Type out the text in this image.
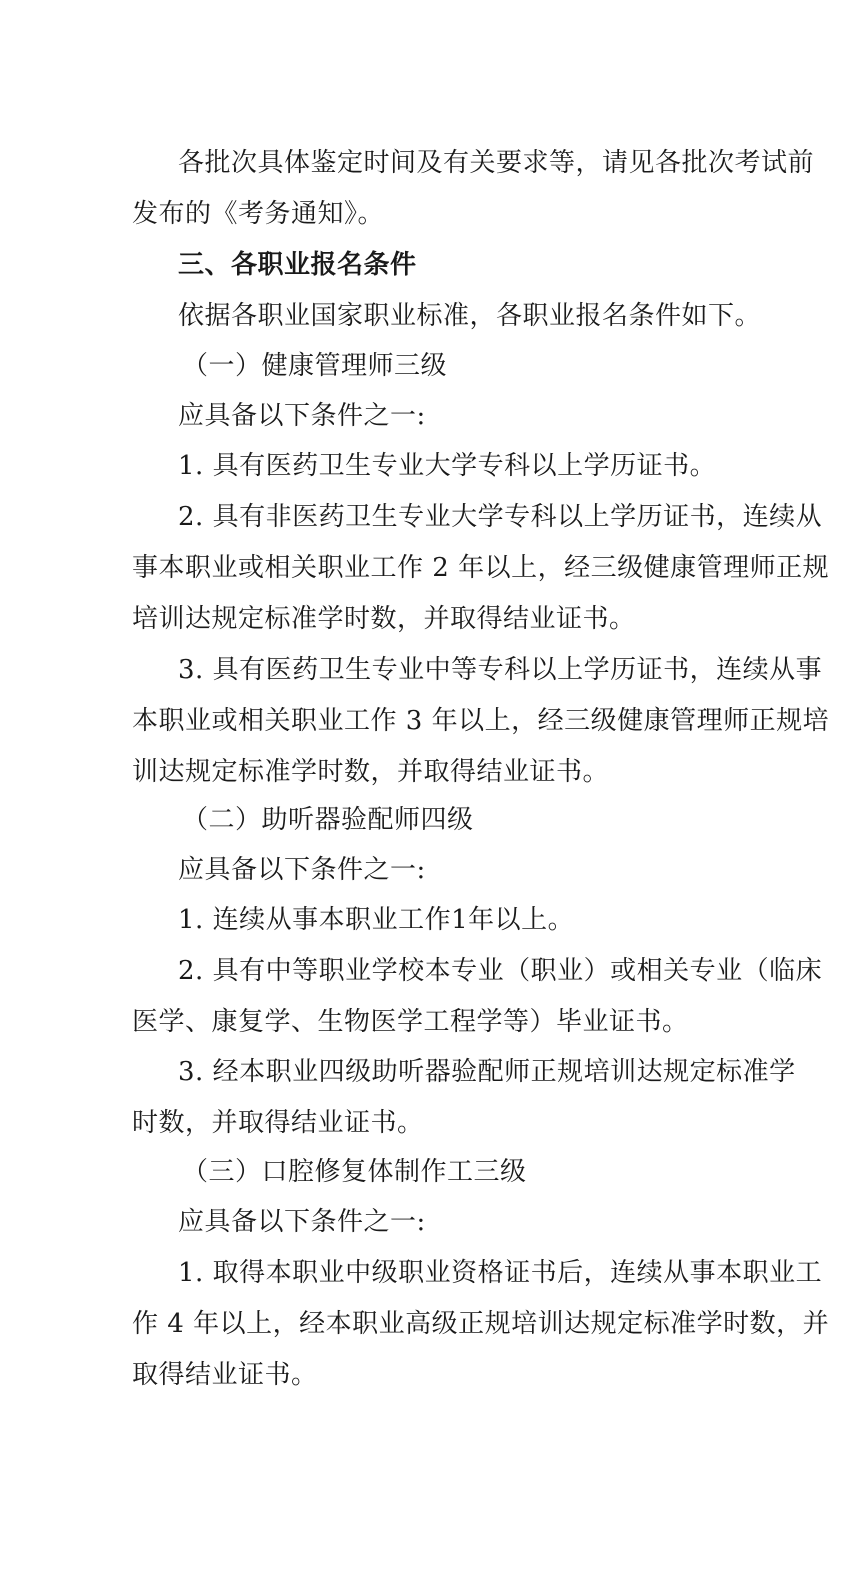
各批次具体鉴定时间及有关要求等，请见各批次考试前
发布的《考务通知》。
三、各职业报名条件
依据各职业国家职业标准，各职业报名条件如下。
（一）健康管理师三级
应具备以下条件之一:
1. 具有医药卫生专业大学专科以上学历证书。
2. 具有非医药卫生专业大学专科以上学历证书，连续从
事本职业或相关职业工作 2 年以上，经三级健康管理师正规
培训达规定标准学时数，并取得结业证书。
3. 具有医药卫生专业中等专科以上学历证书，连续从事
本职业或相关职业工作 3 年以上，经三级健康管理师正规培
训达规定标准学时数，并取得结业证书。
（二）助听器验配师四级
应具备以下条件之一:
1. 连续从事本职业工作1年以上。
2. 具有中等职业学校本专业（职业）或相关专业（临床
医学、康复学、生物医学工程学等）毕业证书。
3. 经本职业四级助听器验配师正规培训达规定标准学
时数，并取得结业证书。
（三）口腔修复体制作工三级
应具备以下条件之一:
1. 取得本职业中级职业资格证书后，连续从事本职业工
作 4 年以上，经本职业高级正规培训达规定标准学时数，并
取得结业证书。
